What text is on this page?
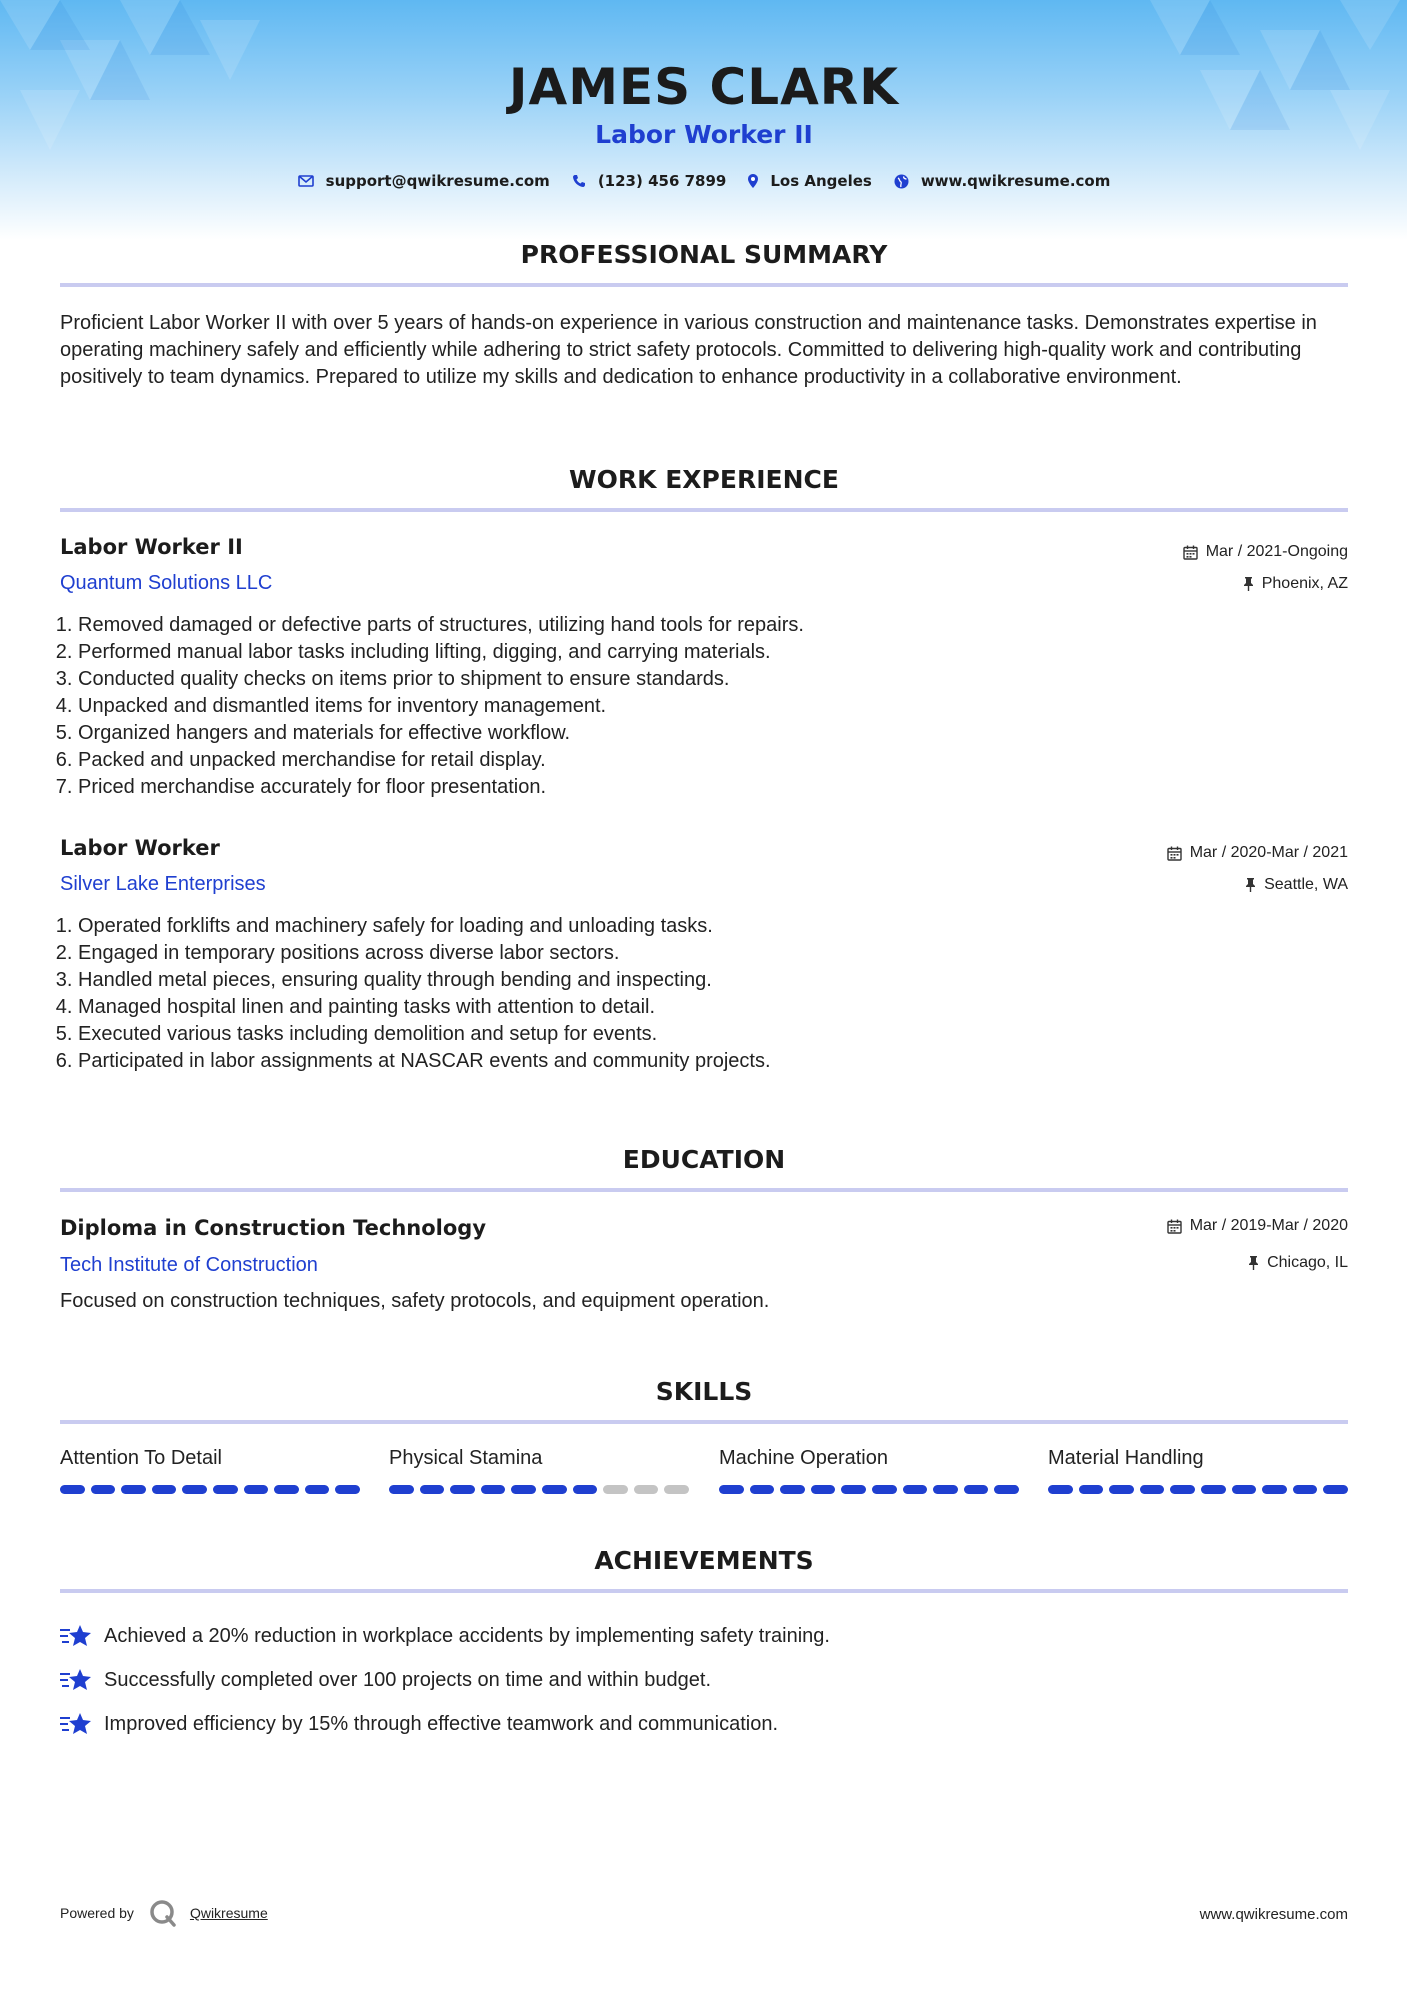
JAMES CLARK
Labor Worker II
support@qwikresume.com	(123) 456 7899	Los Angeles	www.qwikresume.com
PROFESSIONAL SUMMARY
Proficient Labor Worker II with over 5 years of hands-on experience in various construction and maintenance tasks. Demonstrates expertise in operating machinery safely and efficiently while adhering to strict safety protocols. Committed to delivering high-quality work and contributing positively to team dynamics. Prepared to utilize my skills and dedication to enhance productivity in a collaborative environment.
WORK EXPERIENCE
Labor Worker II
Quantum Solutions LLC
Mar / 2021-Ongoing
Phoenix, AZ
1. Removed damaged or defective parts of structures, utilizing hand tools for repairs.
2. Performed manual labor tasks including lifting, digging, and carrying materials.
3. Conducted quality checks on items prior to shipment to ensure standards.
4. Unpacked and dismantled items for inventory management.
5. Organized hangers and materials for effective workflow.
6. Packed and unpacked merchandise for retail display.
7. Priced merchandise accurately for floor presentation.
Labor Worker
Silver Lake Enterprises
Mar / 2020-Mar / 2021
Seattle, WA
1. Operated forklifts and machinery safely for loading and unloading tasks.
2. Engaged in temporary positions across diverse labor sectors.
3. Handled metal pieces, ensuring quality through bending and inspecting.
4. Managed hospital linen and painting tasks with attention to detail.
5. Executed various tasks including demolition and setup for events.
6. Participated in labor assignments at NASCAR events and community projects.
EDUCATION
Diploma in Construction Technology
Tech Institute of Construction
Mar / 2019-Mar / 2020
Chicago, IL
Focused on construction techniques, safety protocols, and equipment operation.
SKILLS
Attention To Detail	Physical Stamina	Machine Operation	Material Handling
ACHIEVEMENTS
Achieved a 20% reduction in workplace accidents by implementing safety training.
Successfully completed over 100 projects on time and within budget.
Improved efficiency by 15% through effective teamwork and communication.
Powered by	Qwikresume	www.qwikresume.com
